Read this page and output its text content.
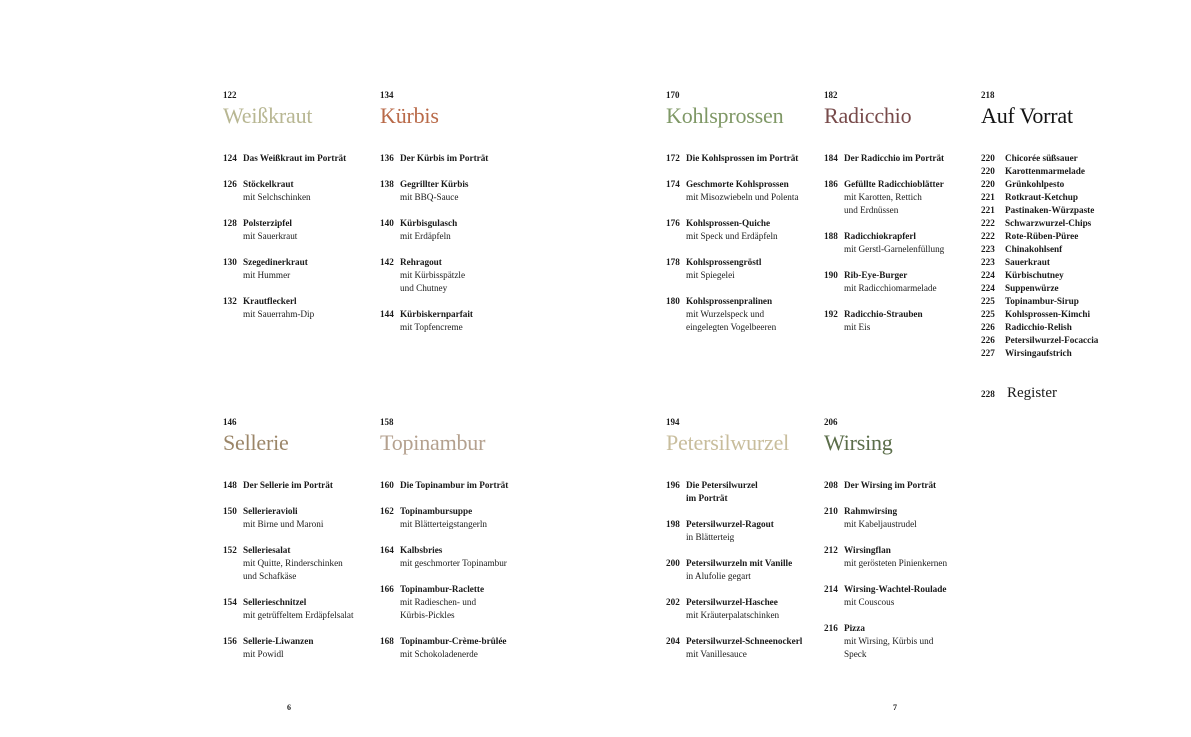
122
Weißkraut
124 Das Weißkraut im Porträt
126 Stöckelkraut
mit Selchschinken
128 Polsterzipfel
mit Sauerkraut
130 Szegedinerkraut
mit Hummer
132 Krautfleckerl
mit Sauerrahm-Dip
134
Kürbis
136 Der Kürbis im Porträt
138 Gegrillter Kürbis
mit BBQ-Sauce
140 Kürbisgulasch
mit Erdäpfeln
142 Rehragout
mit Kürbisspätzle
und Chutney
144 Kürbiskernparfait
mit Topfencreme
170
Kohlsprossen
172 Die Kohlsprossen im Porträt
174 Geschmorte Kohlsprossen
mit Misozwiebeln und Polenta
176 Kohlsprossen-Quiche
mit Speck und Erdäpfeln
178 Kohlsprossengröstl
mit Spiegelei
180 Kohlsprossenpralinen
mit Wurzelspeck und
eingelegten Vogelbeeren
182
Radicchio
184 Der Radicchio im Porträt
186 Gefüllte Radicchioblätter
mit Karotten, Rettich
und Erdnüssen
188 Radicchiokrapferl
mit Gerstl-Garnelenfüllung
190 Rib-Eye-Burger
mit Radicchiomarmelade
192 Radicchio-Strauben
mit Eis
218
Auf Vorrat
220 Chicorée süßsauer
220 Karottenmarmelade
220 Grünkohlpesto
221 Rotkraut-Ketchup
221 Pastinaken-Würzpaste
222 Schwarzwurzel-Chips
222 Rote-Rüben-Püree
223 Chinakohlsenf
223 Sauerkraut
224 Kürbischutney
224 Suppenwürze
225 Topinambur-Sirup
225 Kohlsprossen-Kimchi
226 Radicchio-Relish
226 Petersilwurzel-Focaccia
227 Wirsingaufstrich
228 Register
146
Sellerie
148 Der Sellerie im Porträt
150 Sellerieravioli
mit Birne und Maroni
152 Selleriesalat
mit Quitte, Rinderschinken
und Schafkäse
154 Sellerieschnitzel
mit getrüffeltem Erdäpfelsalat
156 Sellerie-Liwanzen
mit Powidl
158
Topinambur
160 Die Topinambur im Porträt
162 Topinambursuppe
mit Blätterteigstangerln
164 Kalbsbries
mit geschmorter Topinambur
166 Topinambur-Raclette
mit Radieschen- und
Kürbis-Pickles
168 Topinambur-Crème-brûlée
mit Schokoladenerde
194
Petersilwurzel
196 Die Petersilwurzel
im Porträt
198 Petersilwurzel-Ragout
in Blätterteig
200 Petersilwurzeln mit Vanille
in Alufolie gegart
202 Petersilwurzel-Haschee
mit Kräuterpalatschinken
204 Petersilwurzel-Schneenockerl
mit Vanillesauce
206
Wirsing
208 Der Wirsing im Porträt
210 Rahmwirsing
mit Kabeljaustrudel
212 Wirsingflan
mit gerösteten Pinienkernen
214 Wirsing-Wachtel-Roulade
mit Couscous
216 Pizza
mit Wirsing, Kürbis und
Speck
6	7
